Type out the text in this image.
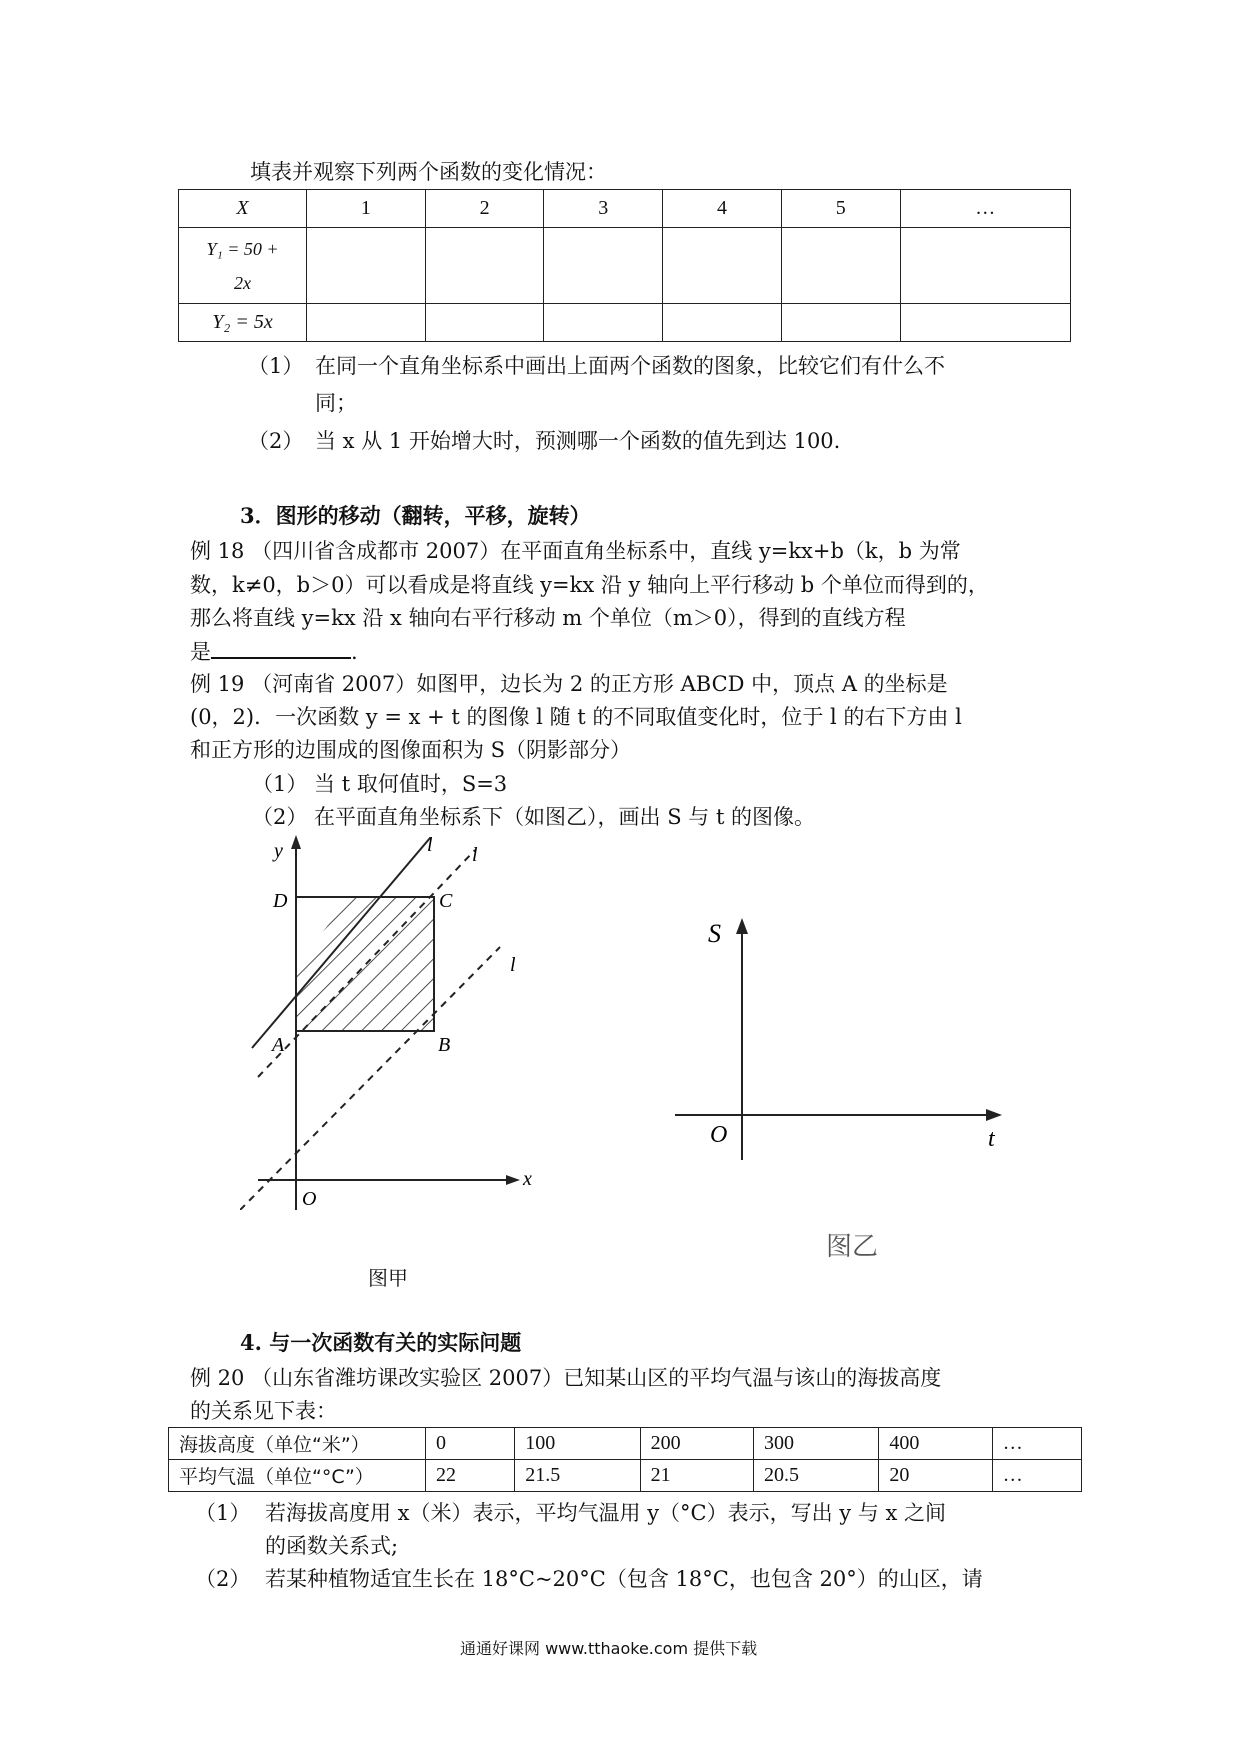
填表并观察下列两个函数的变化情况：
X	1	2	3	4	5	…

Y₁ = 50 +
2x						

Y₂ = 5x						
（1） 在同一个直角坐标系中画出上面两个函数的图象，比较它们有什么不
同；
（2） 当 x 从 1 开始增大时，预测哪一个函数的值先到达 100.
3．图形的移动（翻转，平移，旋转）
例 18 （四川省含成都市 2007）在平面直角坐标系中，直线 y=kx+b（k，b 为常
数，k≠0，b＞0）可以看成是将直线 y=kx 沿 y 轴向上平行移动 b 个单位而得到的，
那么将直线 y=kx 沿 x 轴向右平行移动 m 个单位（m＞0），得到的直线方程
是	.
例 19 （河南省 2007）如图甲，边长为 2 的正方形 ABCD 中，顶点 A 的坐标是
(0，2)．一次函数 y = x + t 的图像 l 随 t 的不同取值变化时，位于 l 的右下方由 l
和正方形的边围成的图像面积为 S（阴影部分）
（1） 当 t 取何值时，S=3
（2） 在平面直角坐标系下（如图乙），画出 S 与 t 的图像。
y
x
O
A	B
C
D
l l
l
图甲
S
O	t
图乙
4. 与一次函数有关的实际问题
例 20 （山东省潍坊课改实验区 2007）已知某山区的平均气温与该山的海拔高度
的关系见下表：
海拔高度（单位“米”）	0	100	200	300	400	…
平均气温（单位“°C”）	22	21.5	21	20.5	20	…
（1） 若海拔高度用 x（米）表示，平均气温用 y（°C）表示，写出 y 与 x 之间
的函数关系式;
（2） 若某种植物适宜生长在 18°C~20°C（包含 18°C，也包含 20°）的山区，请
通通好课网 www.tthaoke.com 提供下载
